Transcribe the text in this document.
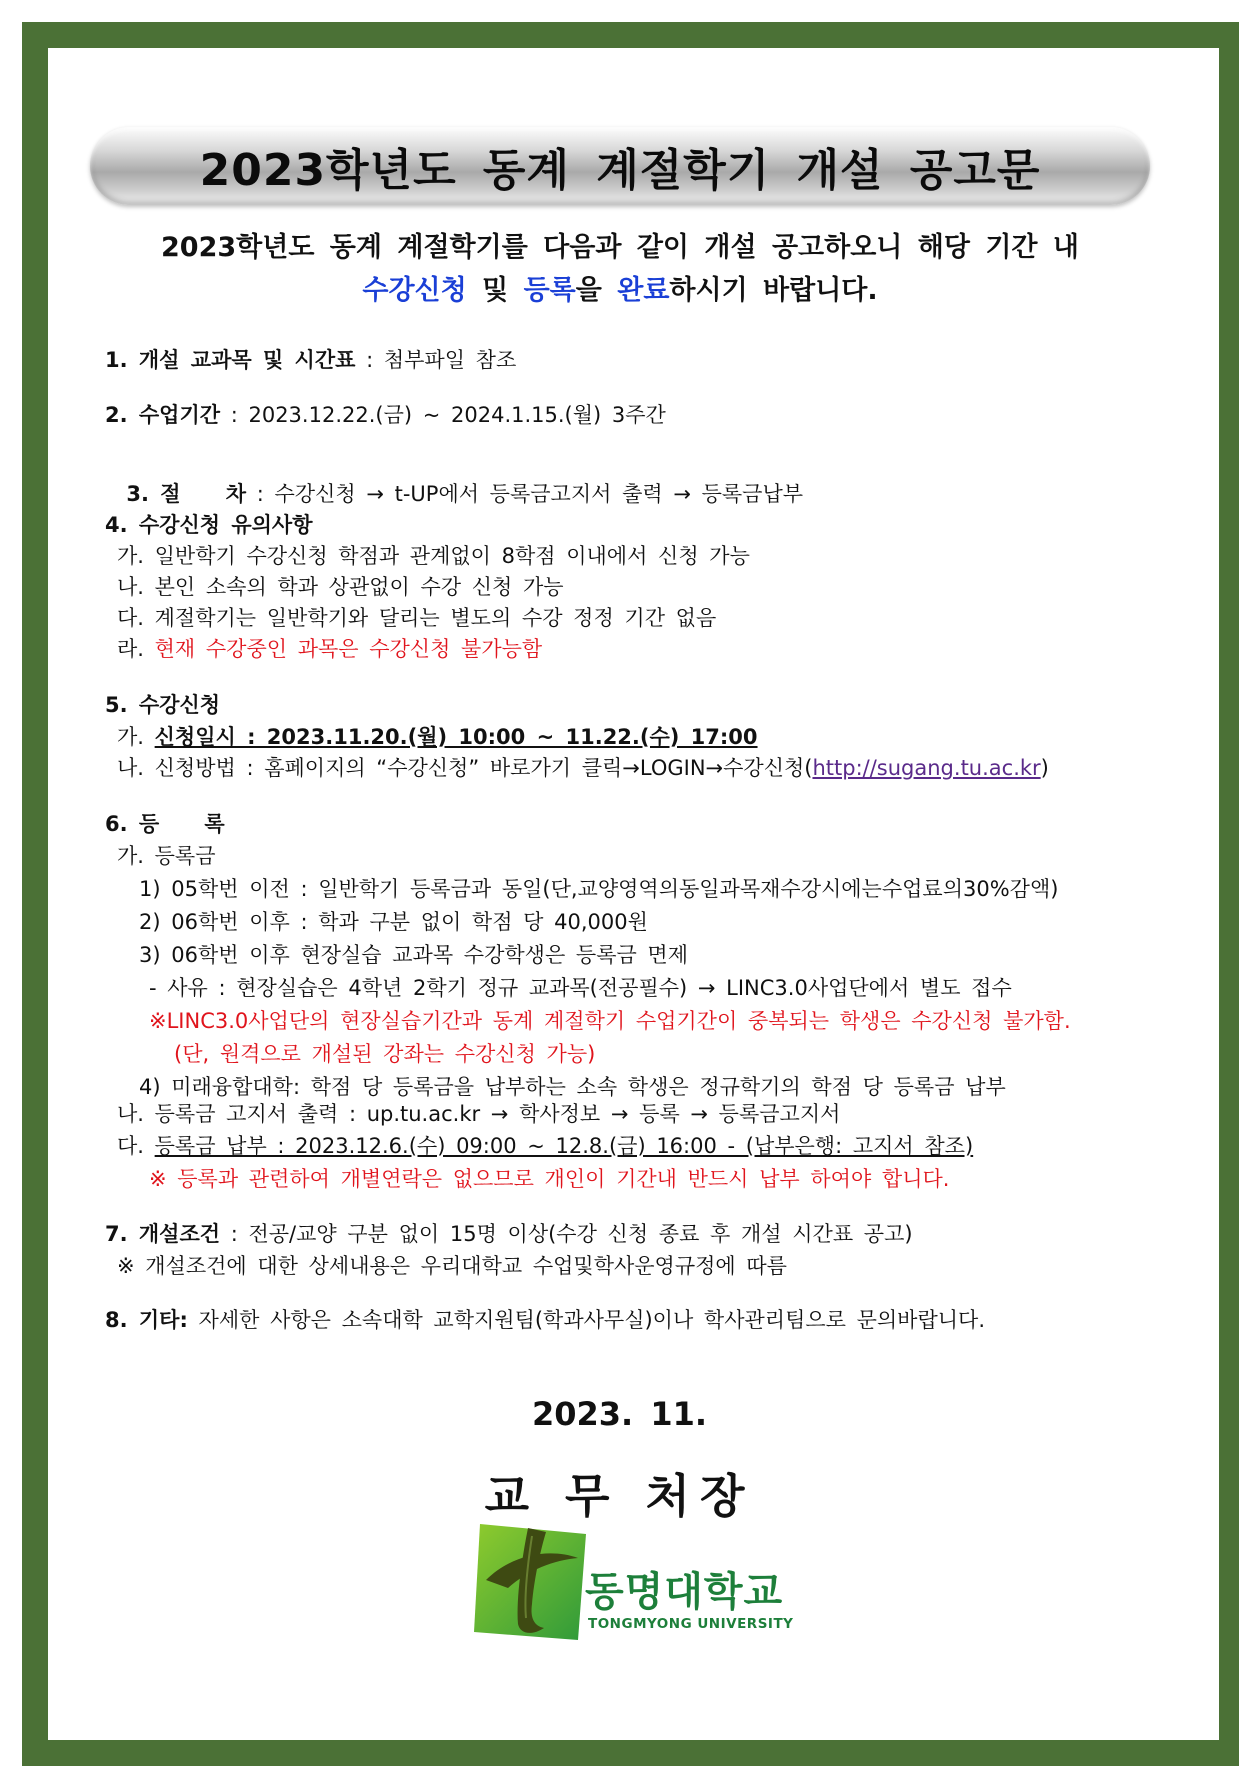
2023학년도 동계 계절학기 개설 공고문
2023학년도 동계 계절학기를 다음과 같이 개설 공고하오니 해당 기간 내
수강신청 및 등록을 완료하시기 바랍니다.
1. 개설 교과목 및 시간표 : 첨부파일 참조
2. 수업기간 : 2023.12.22.(금) ~ 2024.1.15.(월) 3주간

3. 절    차 : 수강신청 → t-UP에서 등록금고지서 출력 → 등록금납부

4. 수강신청 유의사항
가. 일반학기 수강신청 학점과 관계없이 8학점 이내에서 신청 가능
나. 본인 소속의 학과 상관없이 수강 신청 가능
다. 계절학기는 일반학기와 달리는 별도의 수강 정정 기간 없음
라. 현재 수강중인 과목은 수강신청 불가능함
5. 수강신청
가. 신청일시 : 2023.11.20.(월) 10:00 ~ 11.22.(수) 17:00
나. 신청방법 : 홈페이지의 “수강신청” 바로가기 클릭→LOGIN→수강신청(http://sugang.tu.ac.kr)
6. 등    록
가. 등록금
1) 05학번 이전 : 일반학기 등록금과 동일(단,교양영역의동일과목재수강시에는수업료의30%감액)
2) 06학번 이후 : 학과 구분 없이 학점 당 40,000원
3) 06학번 이후 현장실습 교과목 수강학생은 등록금 면제
- 사유 : 현장실습은 4학년 2학기 정규 교과목(전공필수) → LINC3.0사업단에서 별도 접수
※LINC3.0사업단의 현장실습기간과 동계 계절학기 수업기간이 중복되는 학생은 수강신청 불가함.
(단, 원격으로 개설된 강좌는 수강신청 가능)
4) 미래융합대학: 학점 당 등록금을 납부하는 소속 학생은 정규학기의 학점 당 등록금 납부
나. 등록금 고지서 출력 : up.tu.ac.kr → 학사정보 → 등록 → 등록금고지서
다. 등록금 납부 : 2023.12.6.(수) 09:00 ~ 12.8.(금) 16:00 - (납부은행: 고지서 참조)
※ 등록과 관련하여 개별연락은 없으므로 개인이 기간내 반드시 납부 하여야 합니다.
7. 개설조건 : 전공/교양 구분 없이 15명 이상(수강 신청 종료 후 개설 시간표 공고)
※ 개설조건에 대한 상세내용은 우리대학교 수업및학사운영규정에 따름
8. 기타: 자세한 사항은 소속대학 교학지원팀(학과사무실)이나 학사관리팀으로 문의바랍니다.
2023. 11.
교 무 처장
동명대학교
TONGMYONG UNIVERSITY
